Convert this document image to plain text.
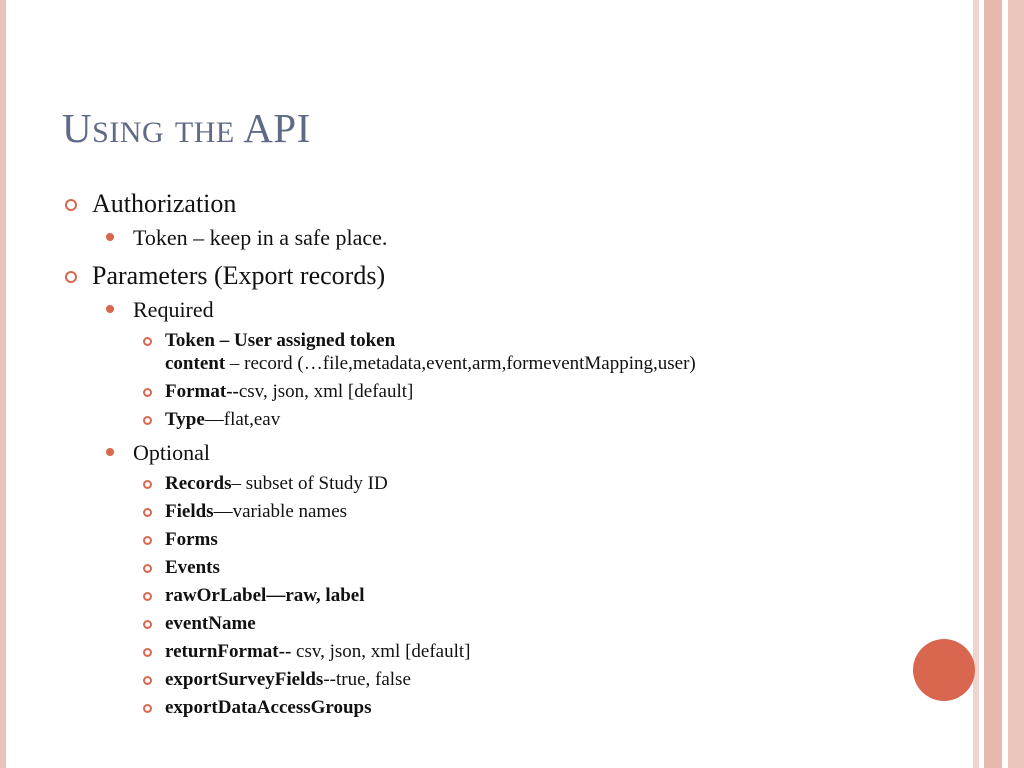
USING THE API
Authorization
Token – keep in a safe place.
Parameters (Export records)
Required
Token – User assigned token
content – record (…file,metadata,event,arm,formeventMapping,user)
Format--csv, json, xml [default]
Type—flat,eav
Optional
Records– subset of Study ID
Fields—variable names
Forms
Events
rawOrLabel—raw, label
eventName
returnFormat-- csv, json, xml [default]
exportSurveyFields--true, false
exportDataAccessGroups
